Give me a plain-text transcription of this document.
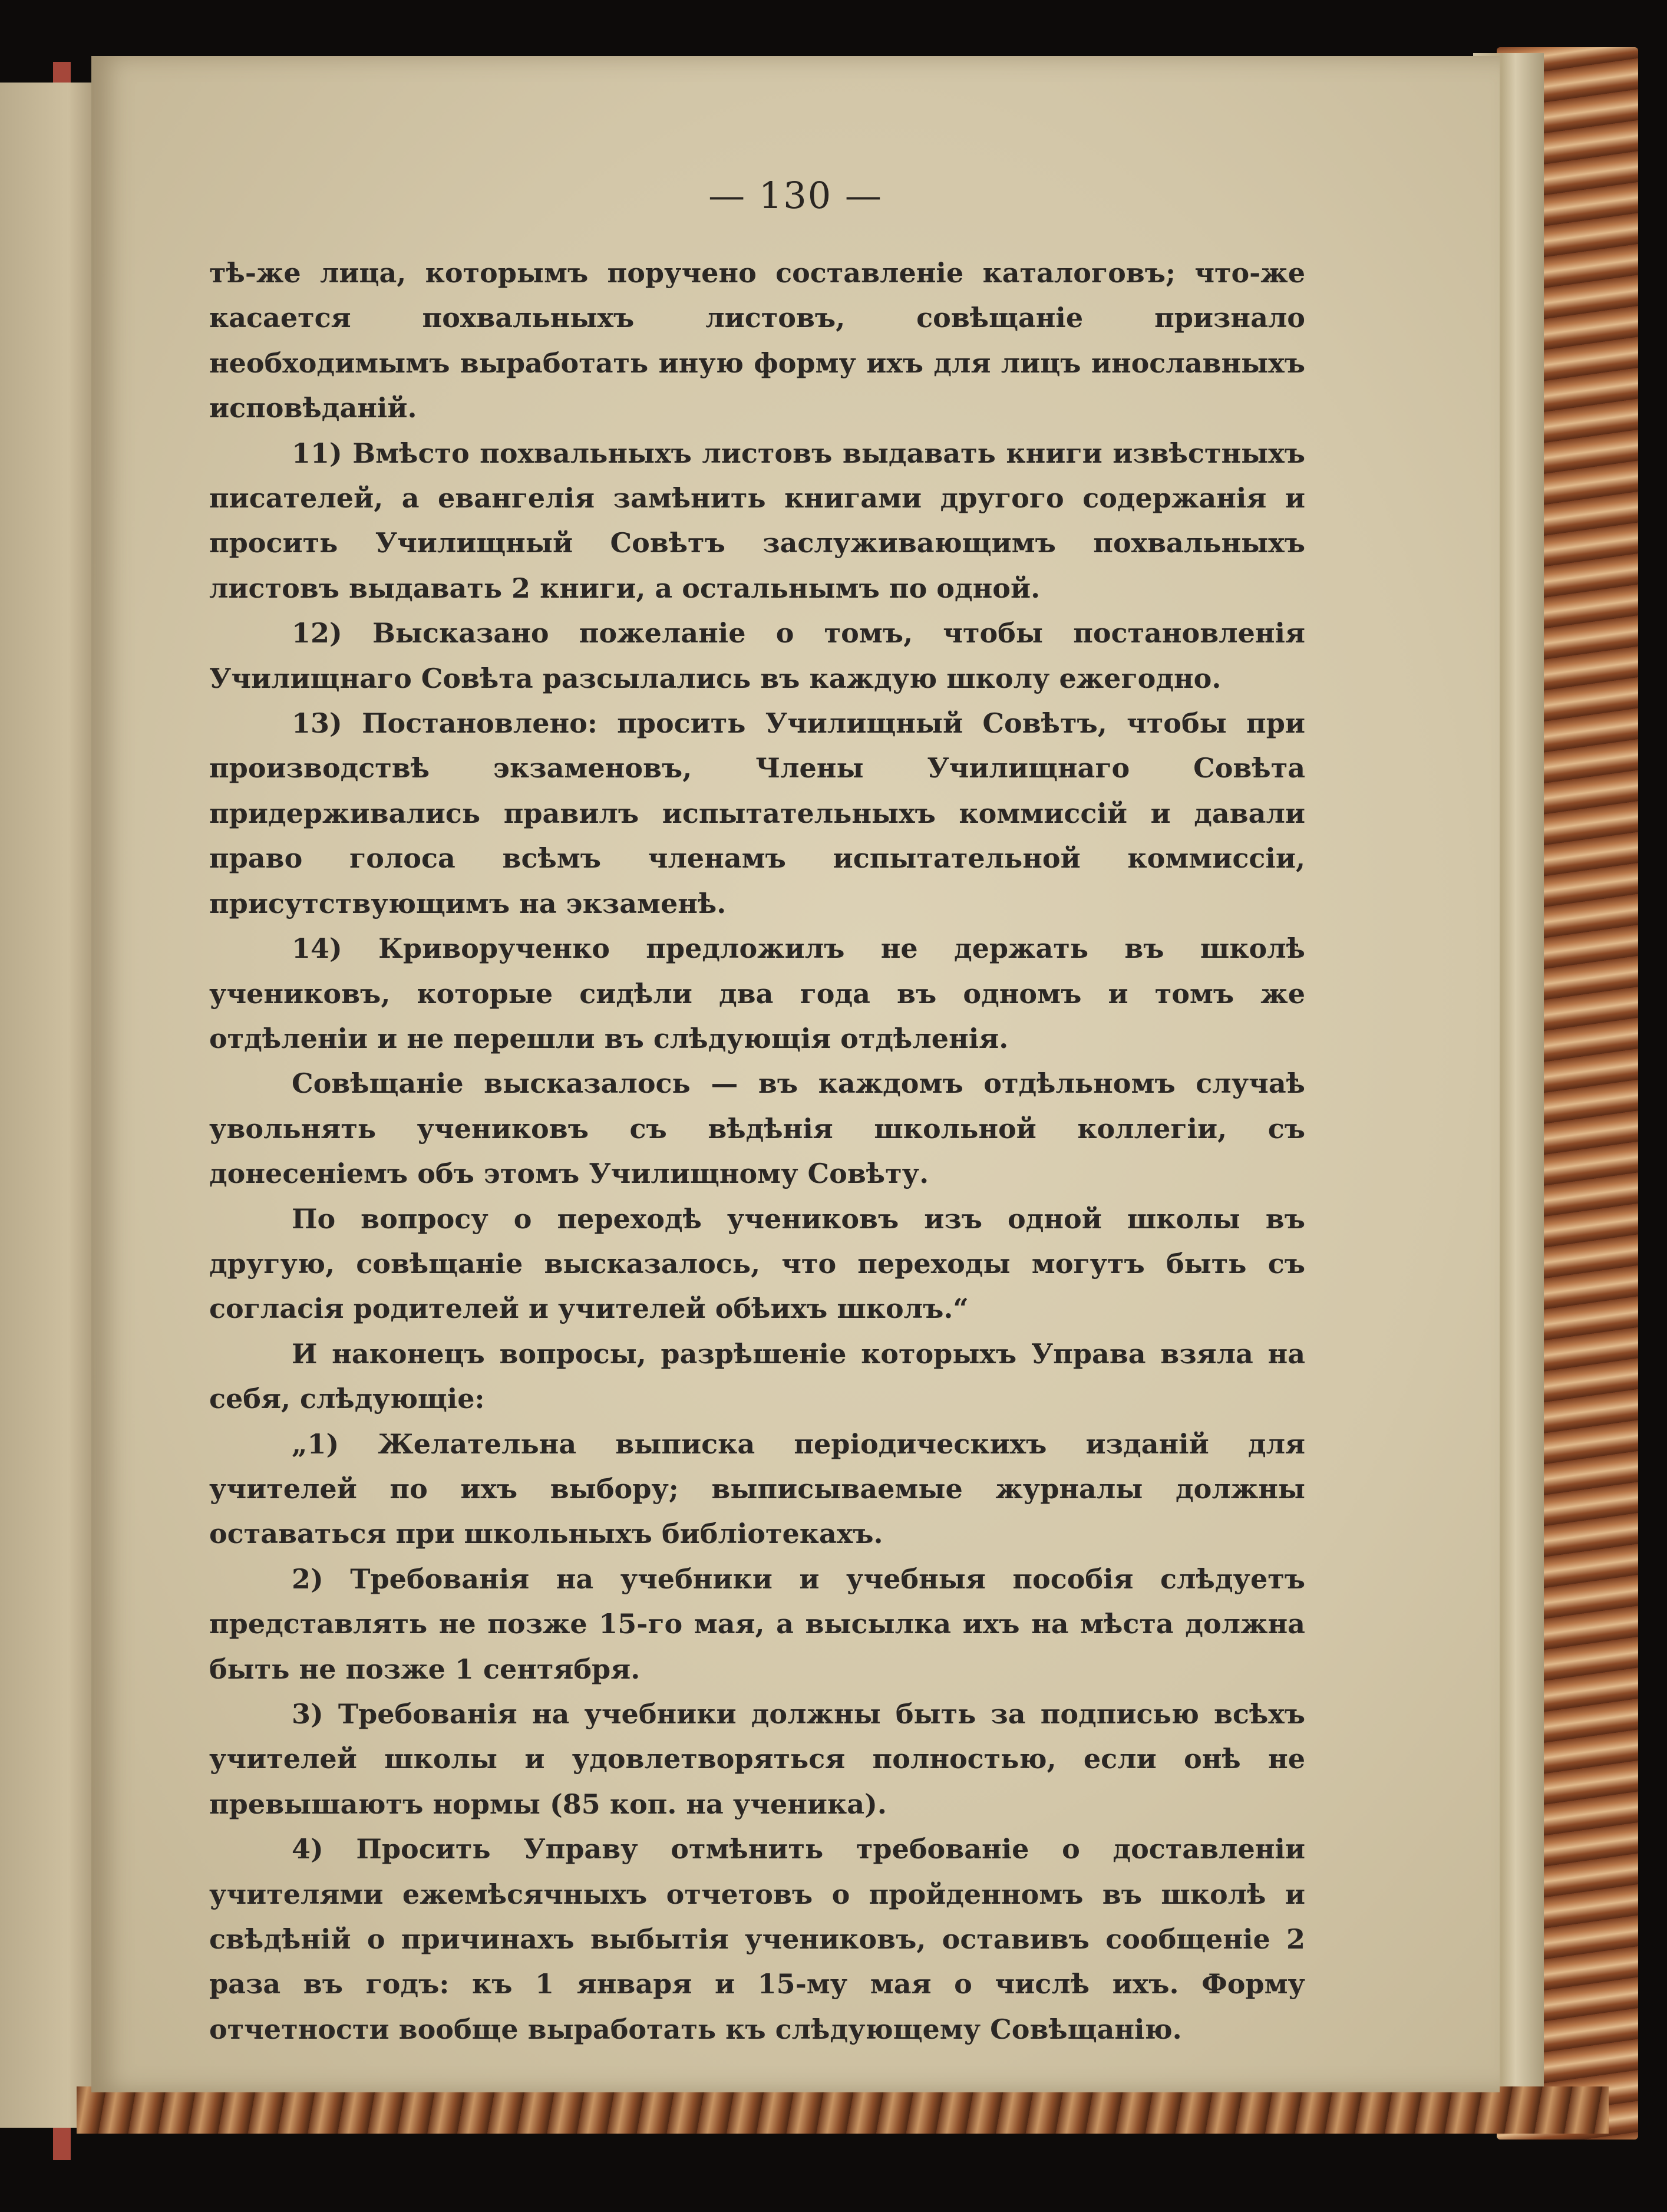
— 130 —

тѣ-же лица, которымъ поручено составленіе каталоговъ; что-же касается похвальныхъ листовъ, совѣщаніе признало необходимымъ выработать иную форму ихъ для лицъ инославныхъ исповѣданій.

11) Вмѣсто похвальныхъ листовъ выдавать книги извѣстныхъ писателей, а евангелія замѣнить книгами другого содержанія и просить Училищный Совѣтъ заслуживающимъ похвальныхъ листовъ выдавать 2 книги, а остальнымъ по одной.

12) Высказано пожеланіе о томъ, чтобы постановленія Училищнаго Совѣта разсылались въ каждую школу ежегодно.

13) Постановлено: просить Училищный Совѣтъ, чтобы при производствѣ экзаменовъ, Члены Училищнаго Совѣта придерживались правилъ испытательныхъ коммиссій и давали право голоса всѣмъ членамъ испытательной коммиссіи, присутствующимъ на экзаменѣ.

14) Криворученко предложилъ не держать въ школѣ учениковъ, которые сидѣли два года въ одномъ и томъ же отдѣленіи и не перешли въ слѣдующія отдѣленія.

Совѣщаніе высказалось — въ каждомъ отдѣльномъ случаѣ увольнять учениковъ съ вѣдѣнія школьной коллегіи, съ донесеніемъ объ этомъ Училищному Совѣту.

По вопросу о переходѣ учениковъ изъ одной школы въ другую, совѣщаніе высказалось, что переходы могутъ быть съ согласія родителей и учителей обѣихъ школъ.“

И наконецъ вопросы, разрѣшеніе которыхъ Управа взяла на себя, слѣдующіе:

„1) Желательна выписка періодическихъ изданій для учителей по ихъ выбору; выписываемые журналы должны оставаться при школьныхъ библіотекахъ.

2) Требованія на учебники и учебныя пособія слѣдуетъ представлять не позже 15-го мая, а высылка ихъ на мѣста должна быть не позже 1 сентября.

3) Требованія на учебники должны быть за подписью всѣхъ учителей школы и удовлетворяться полностью, если онѣ не превышаютъ нормы (85 коп. на ученика).

4) Просить Управу отмѣнить требованіе о доставленіи учителями ежемѣсячныхъ отчетовъ о пройденномъ въ школѣ и свѣдѣній о причинахъ выбытія учениковъ, оставивъ сообщеніе 2 раза въ годъ: къ 1 января и 15-му мая о числѣ ихъ. Форму отчетности вообще выработать къ слѣдующему Совѣщанію.
